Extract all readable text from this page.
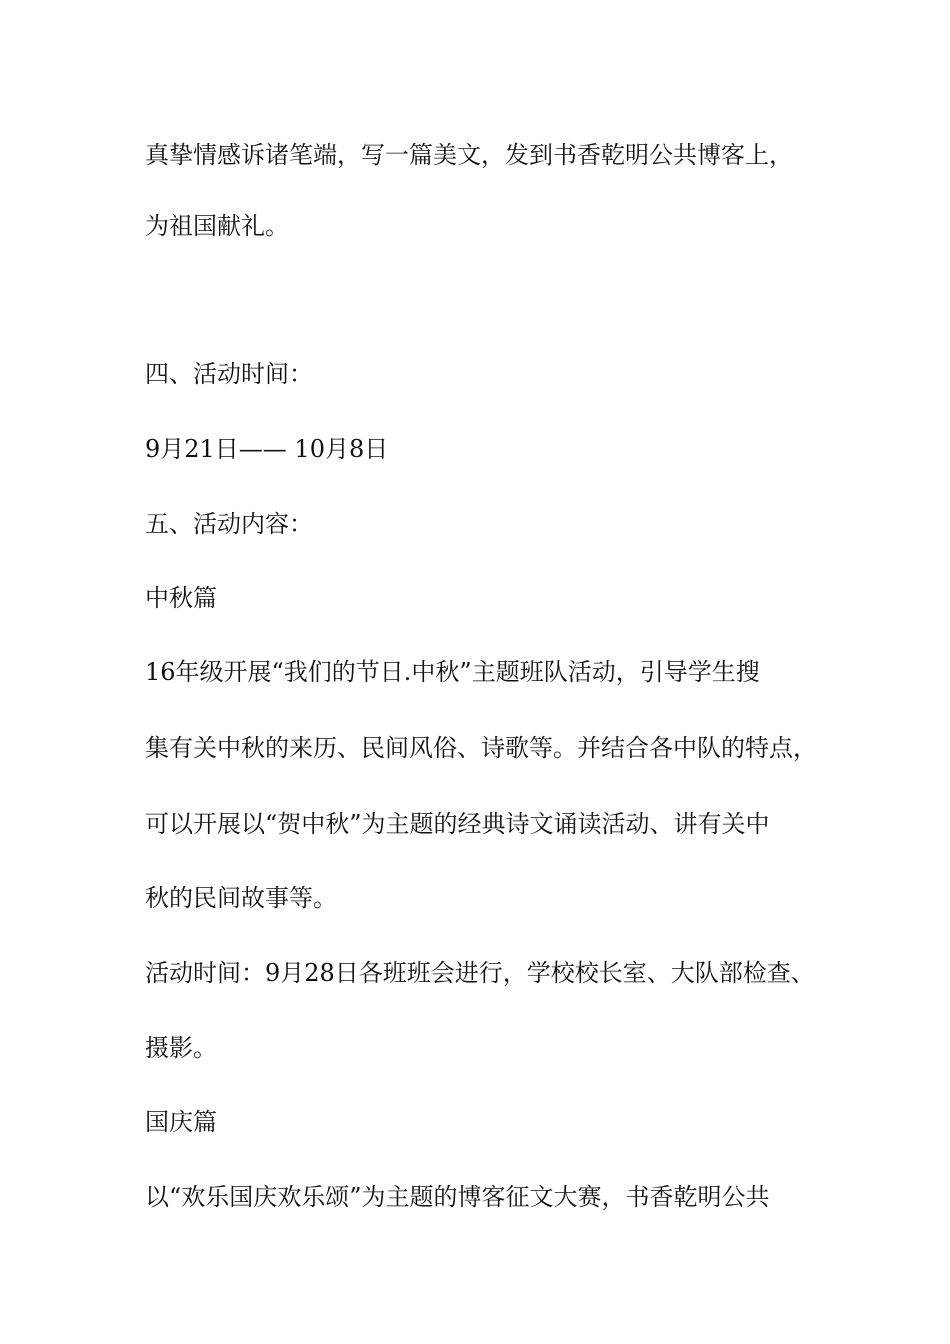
真挚情感诉诸笔端，写一篇美文，发到书香乾明公共博客上，
为祖国献礼。
四、活动时间：
9月21日—— 10月8日
五、活动内容：
中秋篇
16年级开展“我们的节日.中秋”主题班队活动，引导学生搜
集有关中秋的来历、民间风俗、诗歌等。并结合各中队的特点，
可以开展以“贺中秋”为主题的经典诗文诵读活动、讲有关中
秋的民间故事等。
活动时间：9月28日各班班会进行，学校校长室、大队部检查、
摄影。
国庆篇
以“欢乐国庆欢乐颂”为主题的博客征文大赛，书香乾明公共
